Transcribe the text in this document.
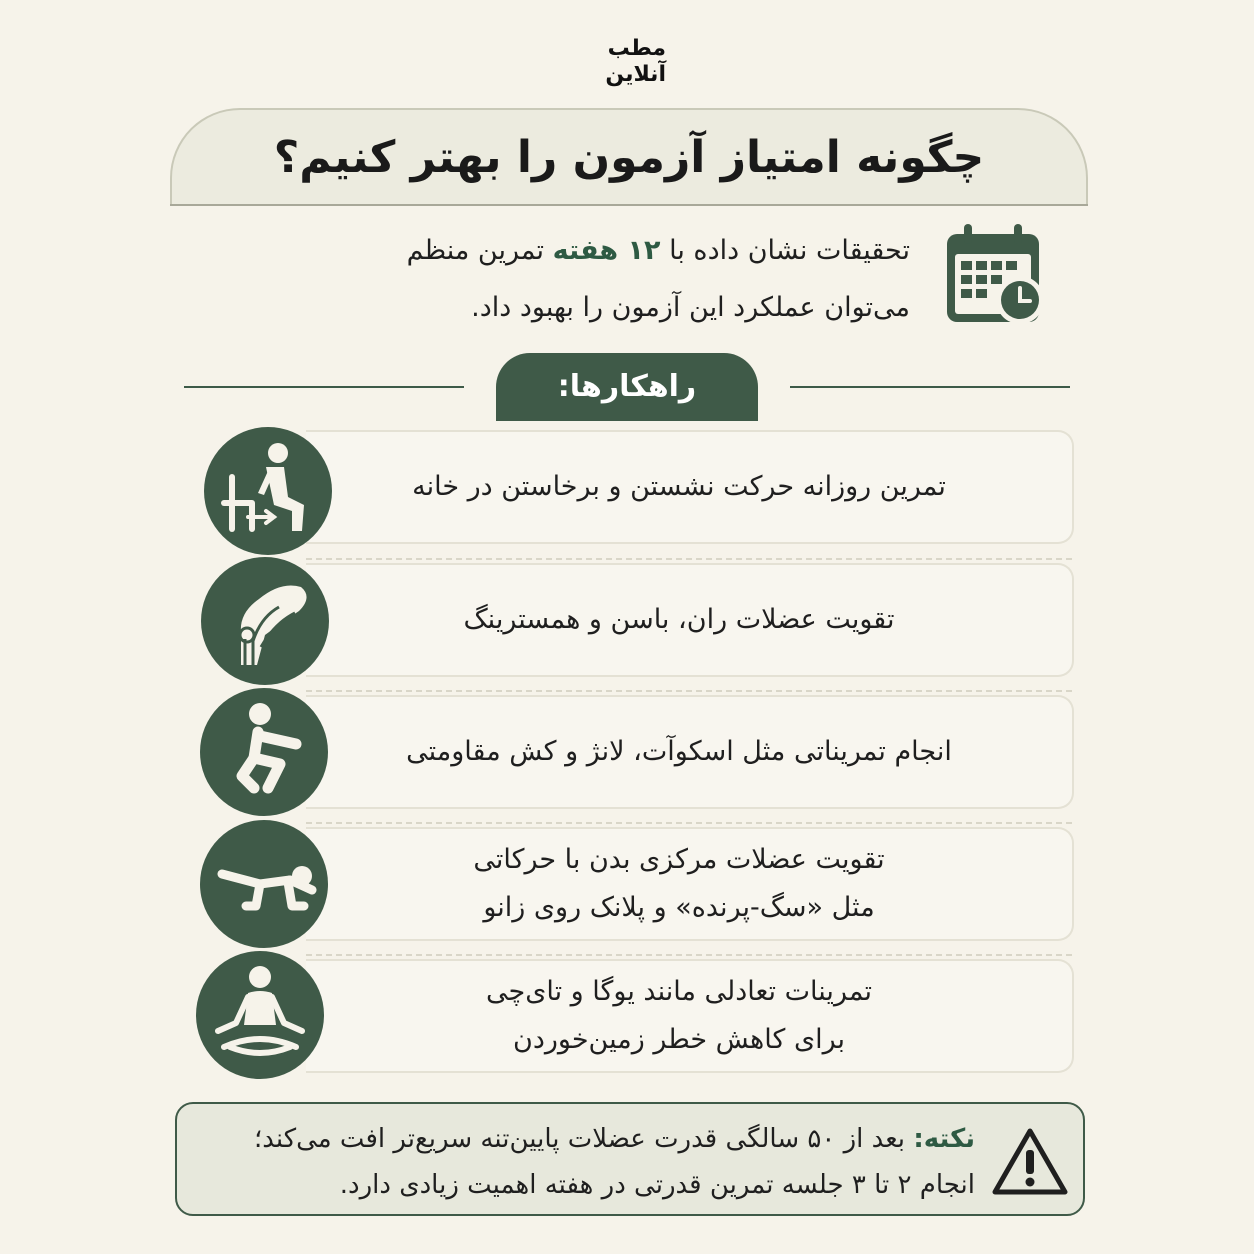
مطب
آنلاین
چگونه امتیاز آزمون را بهتر کنیم؟
تحقیقات نشان داده با ۱۲ هفته تمرین منظم
می‌توان عملکرد این آزمون را بهبود داد.
راهکارها:
تمرین روزانه حرکت نشستن و برخاستن در خانه
تقویت عضلات ران، باسن و همسترینگ
انجام تمریناتی مثل اسکوآت، لانژ و کش مقاومتی
تقویت عضلات مرکزی بدن با حرکاتی
مثل «سگ-پرنده» و پلانک روی زانو
تمرینات تعادلی مانند یوگا و تای‌چی
برای کاهش خطر زمین‌خوردن
نکته: بعد از ۵۰ سالگی قدرت عضلات پایین‌تنه سریع‌تر افت می‌کند؛
انجام ۲ تا ۳ جلسه تمرین قدرتی در هفته اهمیت زیادی دارد.
